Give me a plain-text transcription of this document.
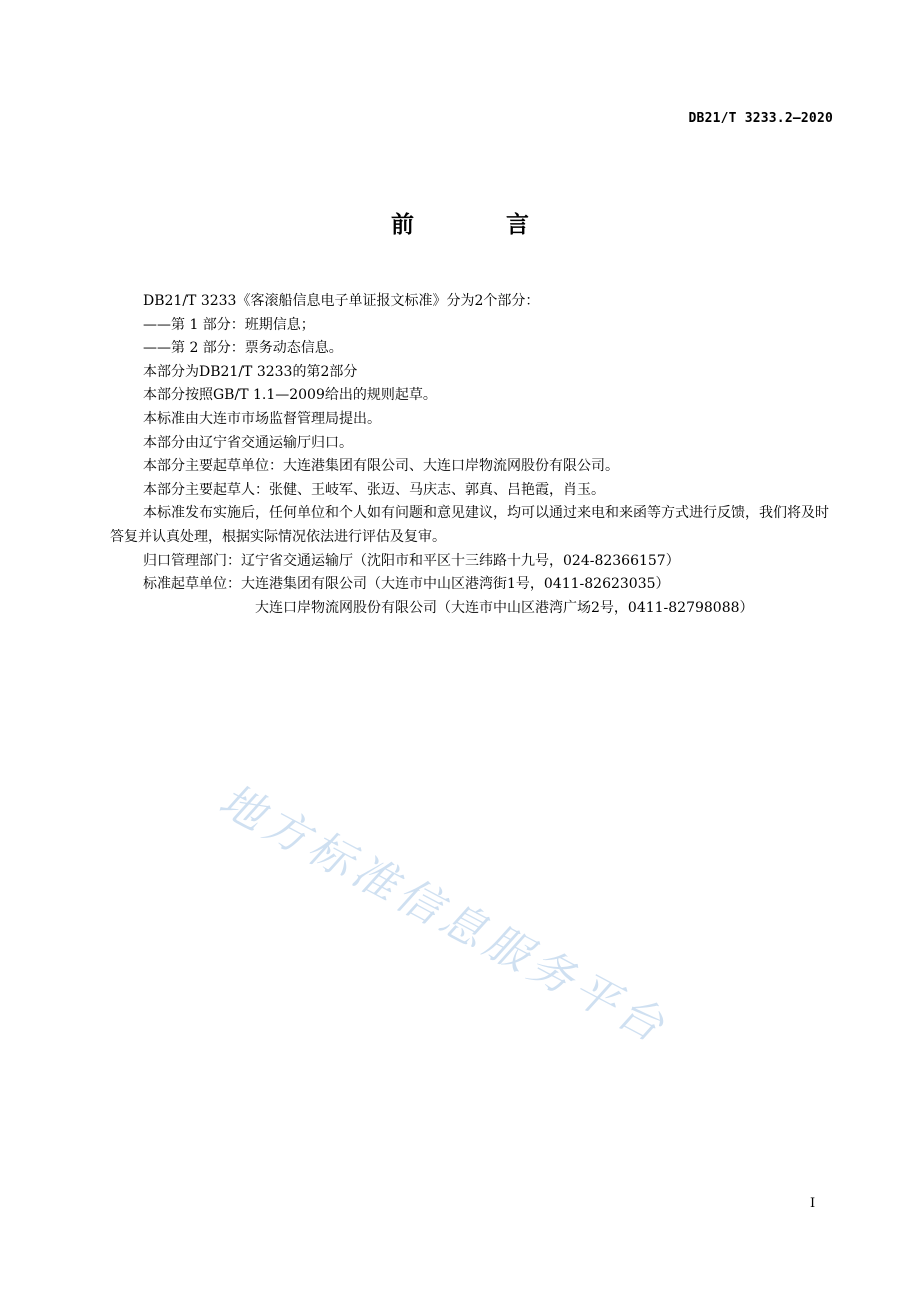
DB21/T 3233.2—2020
前 言

DB21/T 3233《客滚船信息电子单证报文标准》分为2个部分：

——第 1 部分：班期信息；

——第 2 部分：票务动态信息。

本部分为DB21/T 3233的第2部分

本部分按照GB/T 1.1—2009给出的规则起草。

本标准由大连市市场监督管理局提出。

本部分由辽宁省交通运输厅归口。

本部分主要起草单位：大连港集团有限公司、大连口岸物流网股份有限公司。

本部分主要起草人：张健、王岐军、张迈、马庆志、郭真、吕艳霞，肖玉。

本标准发布实施后，任何单位和个人如有问题和意见建议，均可以通过来电和来函等方式进行反馈，我们将及时答复并认真处理，根据实际情况依法进行评估及复审。

归口管理部门：辽宁省交通运输厅（沈阳市和平区十三纬路十九号，024-82366157）

标准起草单位：大连港集团有限公司（大连市中山区港湾街1号，0411-82623035）

大连口岸物流网股份有限公司（大连市中山区港湾广场2号，0411-82798088）

地方标准信息服务平台
I
